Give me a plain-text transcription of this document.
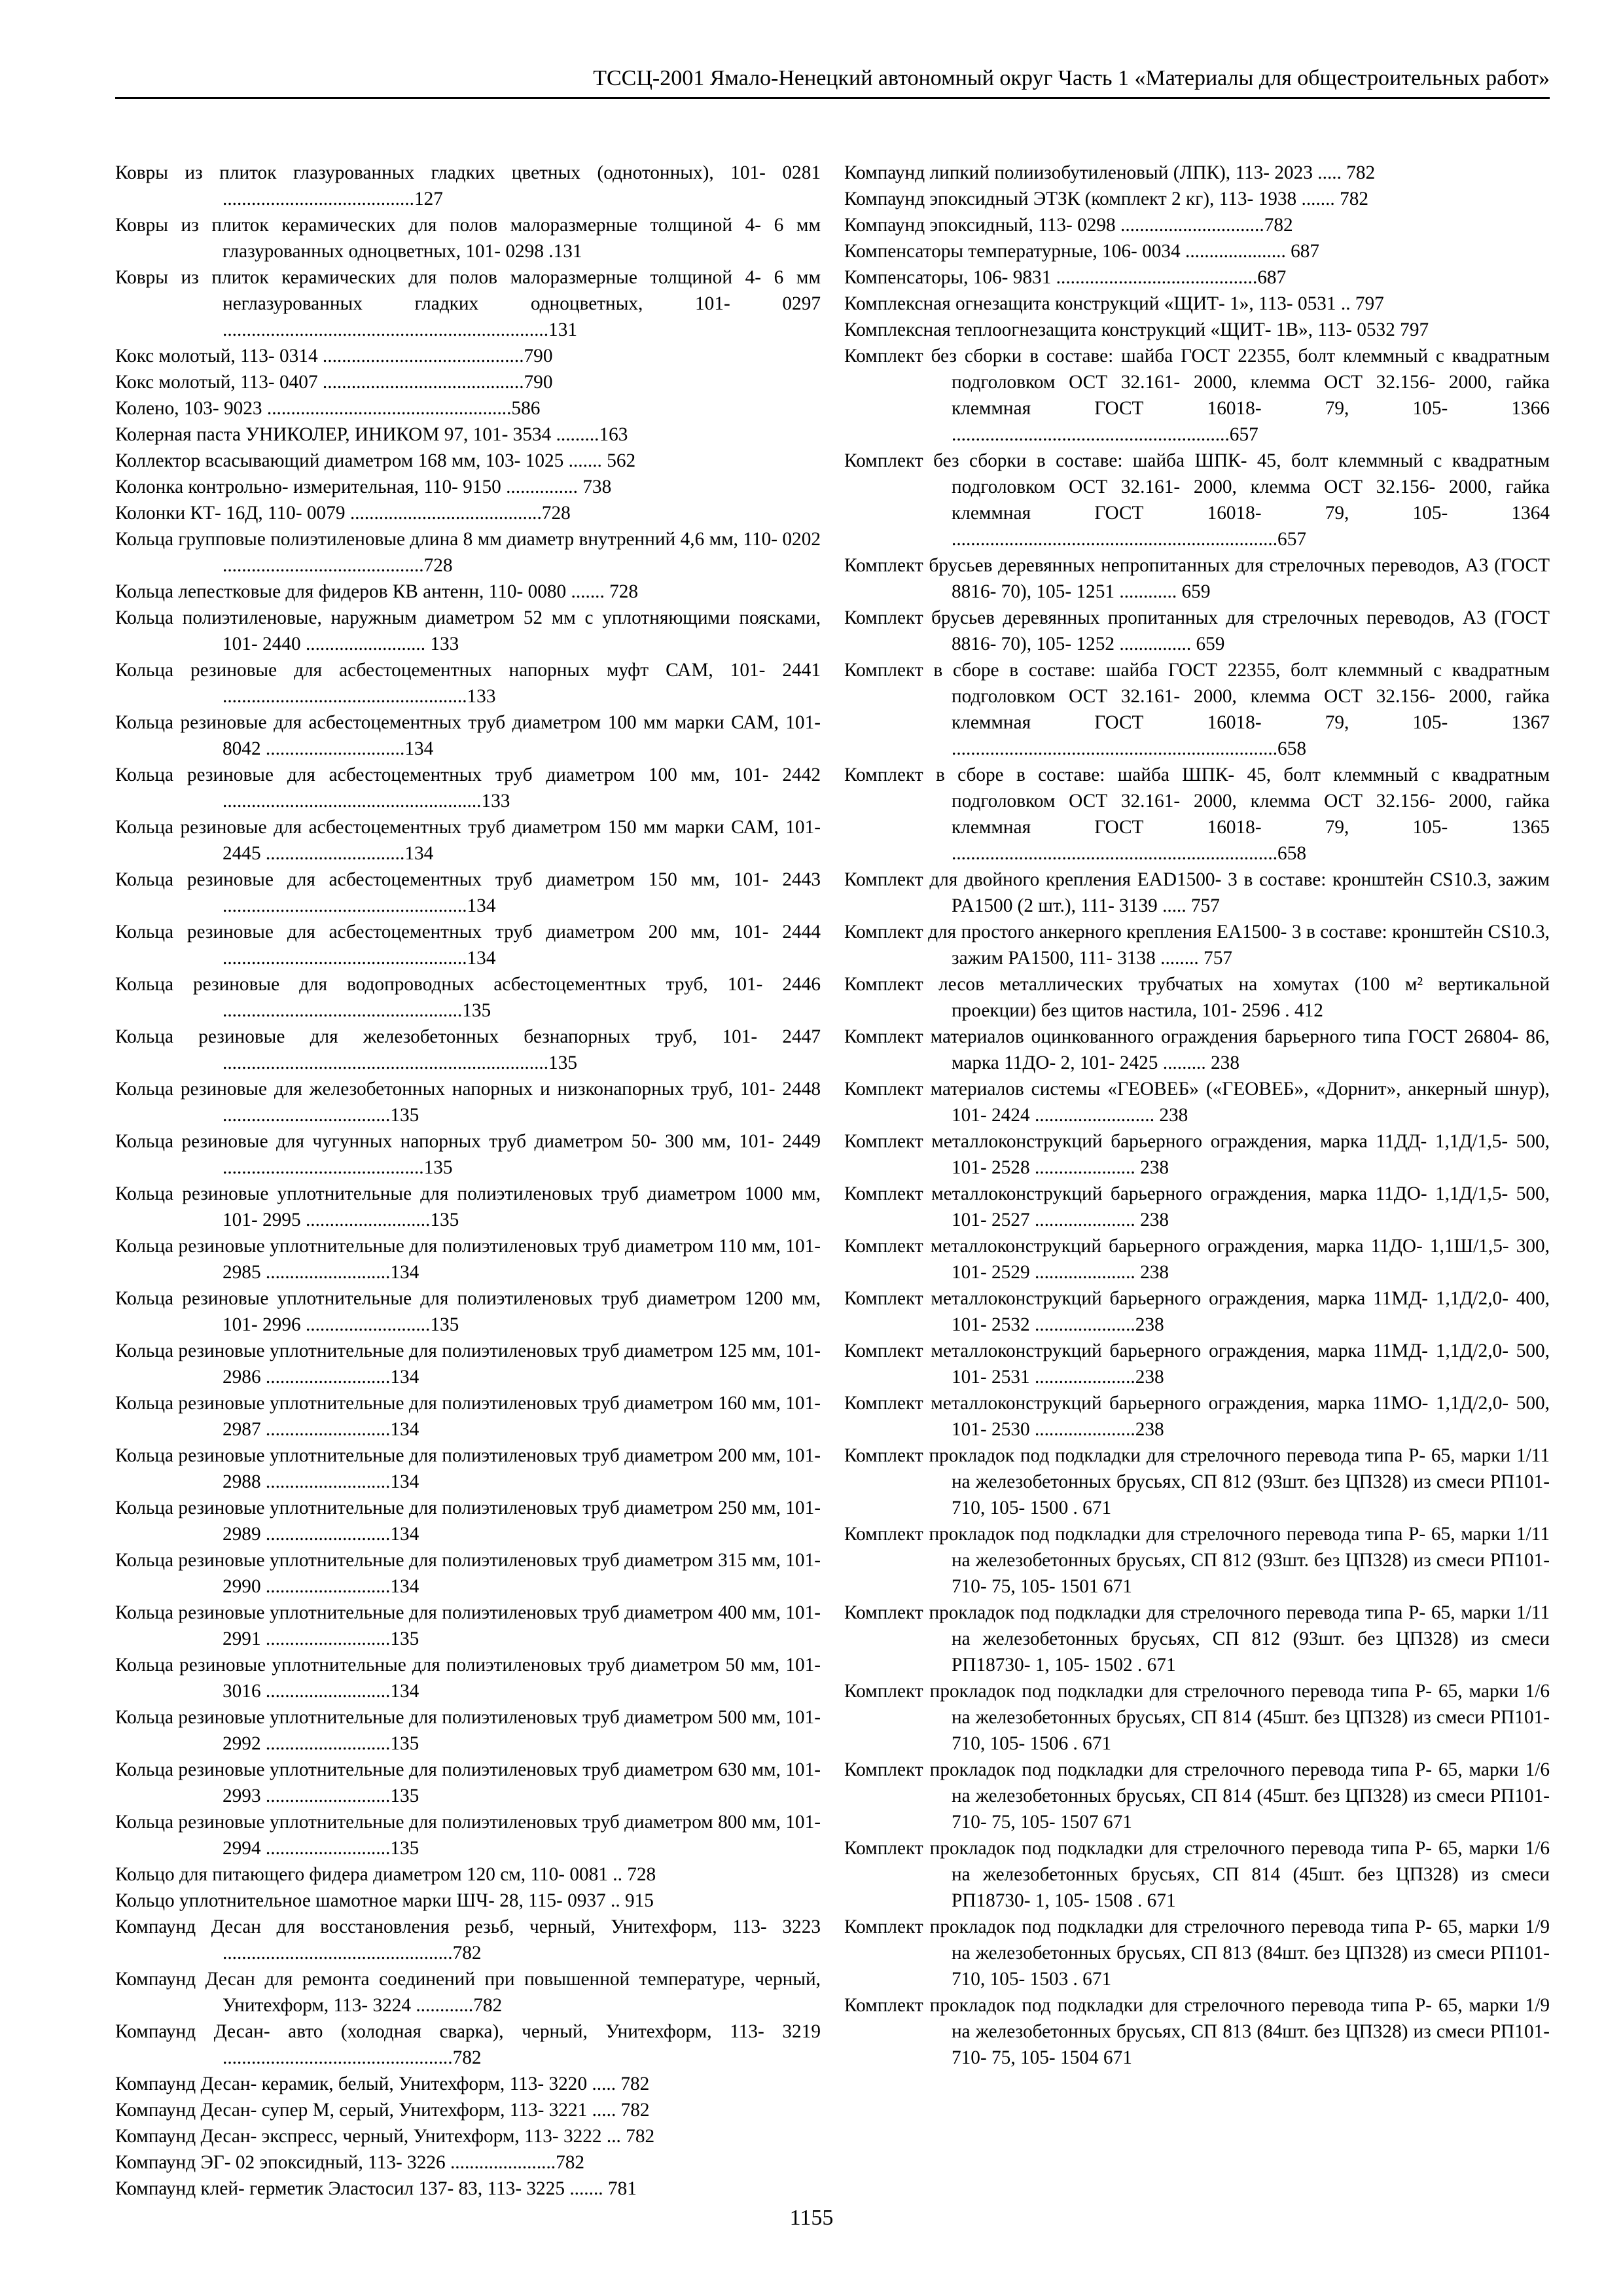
ТССЦ-2001 Ямало-Ненецкий автономный округ Часть 1 «Материалы для общестроительных работ»

Ковры из плиток глазурованных гладких цветных (однотонных), 101- 0281 ........................................127

Ковры из плиток керамических для полов малоразмерные толщиной 4- 6 мм глазурованных одноцветных, 101- 0298 .131

Ковры из плиток керамических для полов малоразмерные толщиной 4- 6 мм неглазурованных гладких одноцветных, 101- 0297 ....................................................................131

Кокс молотый, 113- 0314 ..........................................790

Кокс молотый, 113- 0407 ..........................................790

Колено, 103- 9023 ...................................................586

Колерная паста УНИКОЛЕР, ИНИКОМ 97, 101- 3534 .........163

Коллектор всасывающий диаметром 168 мм, 103- 1025 ....... 562

Колонка контрольно- измерительная, 110- 9150 ............... 738

Колонки КТ- 16Д, 110- 0079 ........................................728

Кольца групповые полиэтиленовые длина 8 мм диаметр внутренний 4,6 мм, 110- 0202 ..........................................728

Кольца лепестковые для фидеров КВ антенн, 110- 0080 ....... 728

Кольца полиэтиленовые, наружным диаметром 52 мм с уплотняющими поясками, 101- 2440 ......................... 133

Кольца резиновые для асбестоцементных напорных муфт САМ, 101- 2441 ...................................................133

Кольца резиновые для асбестоцементных труб диаметром 100 мм марки САМ, 101- 8042 .............................134

Кольца резиновые для асбестоцементных труб диаметром 100 мм, 101- 2442 ......................................................133

Кольца резиновые для асбестоцементных труб диаметром 150 мм марки САМ, 101- 2445 .............................134

Кольца резиновые для асбестоцементных труб диаметром 150 мм, 101- 2443 ...................................................134

Кольца резиновые для асбестоцементных труб диаметром 200 мм, 101- 2444 ...................................................134

Кольца резиновые для водопроводных асбестоцементных труб, 101- 2446 ..................................................135

Кольца резиновые для железобетонных безнапорных труб, 101- 2447 ....................................................................135

Кольца резиновые для железобетонных напорных и низконапорных труб, 101- 2448 ...................................135

Кольца резиновые для чугунных напорных труб диаметром 50- 300 мм, 101- 2449 ..........................................135

Кольца резиновые уплотнительные для полиэтиленовых труб диаметром 1000 мм, 101- 2995 ..........................135

Кольца резиновые уплотнительные для полиэтиленовых труб диаметром 110 мм, 101- 2985 ..........................134

Кольца резиновые уплотнительные для полиэтиленовых труб диаметром 1200 мм, 101- 2996 ..........................135

Кольца резиновые уплотнительные для полиэтиленовых труб диаметром 125 мм, 101- 2986 ..........................134

Кольца резиновые уплотнительные для полиэтиленовых труб диаметром 160 мм, 101- 2987 ..........................134

Кольца резиновые уплотнительные для полиэтиленовых труб диаметром 200 мм, 101- 2988 ..........................134

Кольца резиновые уплотнительные для полиэтиленовых труб диаметром 250 мм, 101- 2989 ..........................134

Кольца резиновые уплотнительные для полиэтиленовых труб диаметром 315 мм, 101- 2990 ..........................134

Кольца резиновые уплотнительные для полиэтиленовых труб диаметром 400 мм, 101- 2991 ..........................135

Кольца резиновые уплотнительные для полиэтиленовых труб диаметром 50 мм, 101- 3016 ..........................134

Кольца резиновые уплотнительные для полиэтиленовых труб диаметром 500 мм, 101- 2992 ..........................135

Кольца резиновые уплотнительные для полиэтиленовых труб диаметром 630 мм, 101- 2993 ..........................135

Кольца резиновые уплотнительные для полиэтиленовых труб диаметром 800 мм, 101- 2994 ..........................135

Кольцо для питающего фидера диаметром 120 см, 110- 0081 .. 728

Кольцо уплотнительное шамотное марки ШЧ- 28, 115- 0937 .. 915

Компаунд Десан для восстановления резьб, черный, Унитехформ, 113- 3223 ................................................782

Компаунд Десан для ремонта соединений при повышенной температуре, черный, Унитехформ, 113- 3224 ............782

Компаунд Десан- авто (холодная сварка), черный, Унитехформ, 113- 3219 ................................................782

Компаунд Десан- керамик, белый, Унитехформ, 113- 3220 ..... 782

Компаунд Десан- супер М, серый, Унитехформ, 113- 3221 ..... 782

Компаунд Десан- экспресс, черный, Унитехформ, 113- 3222 ... 782

Компаунд ЭГ- 02 эпоксидный, 113- 3226 ......................782

Компаунд клей- герметик Эластосил 137- 83, 113- 3225 ....... 781

Компаунд липкий полиизобутиленовый (ЛПК), 113- 2023 ..... 782

Компаунд эпоксидный ЭТЗК (комплект 2 кг), 113- 1938 ....... 782

Компаунд эпоксидный, 113- 0298 ..............................782

Компенсаторы температурные, 106- 0034 ..................... 687

Компенсаторы, 106- 9831 ..........................................687

Комплексная огнезащита конструкций «ЩИТ- 1», 113- 0531 .. 797

Комплексная теплоогнезащита конструкций «ЩИТ- 1В», 113- 0532 797

Комплект без сборки в составе: шайба ГОСТ 22355, болт клеммный с квадратным подголовком ОСТ 32.161- 2000, клемма ОСТ 32.156- 2000, гайка клеммная ГОСТ 16018- 79, 105- 1366 ..........................................................657

Комплект без сборки в составе: шайба ШПК- 45, болт клеммный с квадратным подголовком ОСТ 32.161- 2000, клемма ОСТ 32.156- 2000, гайка клеммная ГОСТ 16018- 79, 105- 1364 ....................................................................657

Комплект брусьев деревянных непропитанных для стрелочных переводов, А3 (ГОСТ 8816- 70), 105- 1251 ............ 659

Комплект брусьев деревянных пропитанных для стрелочных переводов, А3 (ГОСТ 8816- 70), 105- 1252 ............... 659

Комплект в сборе в составе: шайба ГОСТ 22355, болт клеммный с квадратным подголовком ОСТ 32.161- 2000, клемма ОСТ 32.156- 2000, гайка клеммная ГОСТ 16018- 79, 105- 1367 ....................................................................658

Комплект в сборе в составе: шайба ШПК- 45, болт клеммный с квадратным подголовком ОСТ 32.161- 2000, клемма ОСТ 32.156- 2000, гайка клеммная ГОСТ 16018- 79, 105- 1365 ....................................................................658

Комплект для двойного крепления EAD1500- 3 в составе: кронштейн CS10.3, зажим PA1500 (2 шт.), 111- 3139 ..... 757

Комплект для простого анкерного крепления EA1500- 3 в составе: кронштейн CS10.3, зажим PA1500, 111- 3138 ........ 757

Комплект лесов металлических трубчатых на хомутах (100 м² вертикальной проекции) без щитов настила, 101- 2596 . 412

Комплект материалов оцинкованного ограждения барьерного типа ГОСТ 26804- 86, марка 11ДО- 2, 101- 2425 ......... 238

Комплект материалов системы «ГЕОВЕБ» («ГЕОВЕБ», «Дорнит», анкерный шнур), 101- 2424 ......................... 238

Комплект металлоконструкций барьерного ограждения, марка 11ДД- 1,1Д/1,5- 500, 101- 2528 ..................... 238

Комплект металлоконструкций барьерного ограждения, марка 11ДО- 1,1Д/1,5- 500, 101- 2527 ..................... 238

Комплект металлоконструкций барьерного ограждения, марка 11ДО- 1,1Ш/1,5- 300, 101- 2529 ..................... 238

Комплект металлоконструкций барьерного ограждения, марка 11МД- 1,1Д/2,0- 400, 101- 2532 .....................238

Комплект металлоконструкций барьерного ограждения, марка 11МД- 1,1Д/2,0- 500, 101- 2531 .....................238

Комплект металлоконструкций барьерного ограждения, марка 11МО- 1,1Д/2,0- 500, 101- 2530 .....................238

Комплект прокладок под подкладки для стрелочного перевода типа Р- 65, марки 1/11 на железобетонных брусьях, СП 812 (93шт. без ЦП328) из смеси РП101- 710, 105- 1500 . 671

Комплект прокладок под подкладки для стрелочного перевода типа Р- 65, марки 1/11 на железобетонных брусьях, СП 812 (93шт. без ЦП328) из смеси РП101- 710- 75, 105- 1501 671

Комплект прокладок под подкладки для стрелочного перевода типа Р- 65, марки 1/11 на железобетонных брусьях, СП 812 (93шт. без ЦП328) из смеси РП18730- 1, 105- 1502 . 671

Комплект прокладок под подкладки для стрелочного перевода типа Р- 65, марки 1/6 на железобетонных брусьях, СП 814 (45шт. без ЦП328) из смеси РП101- 710, 105- 1506 . 671

Комплект прокладок под подкладки для стрелочного перевода типа Р- 65, марки 1/6 на железобетонных брусьях, СП 814 (45шт. без ЦП328) из смеси РП101- 710- 75, 105- 1507 671

Комплект прокладок под подкладки для стрелочного перевода типа Р- 65, марки 1/6 на железобетонных брусьях, СП 814 (45шт. без ЦП328) из смеси РП18730- 1, 105- 1508 . 671

Комплект прокладок под подкладки для стрелочного перевода типа Р- 65, марки 1/9 на железобетонных брусьях, СП 813 (84шт. без ЦП328) из смеси РП101- 710, 105- 1503 . 671

Комплект прокладок под подкладки для стрелочного перевода типа Р- 65, марки 1/9 на железобетонных брусьях, СП 813 (84шт. без ЦП328) из смеси РП101- 710- 75, 105- 1504 671

1155
